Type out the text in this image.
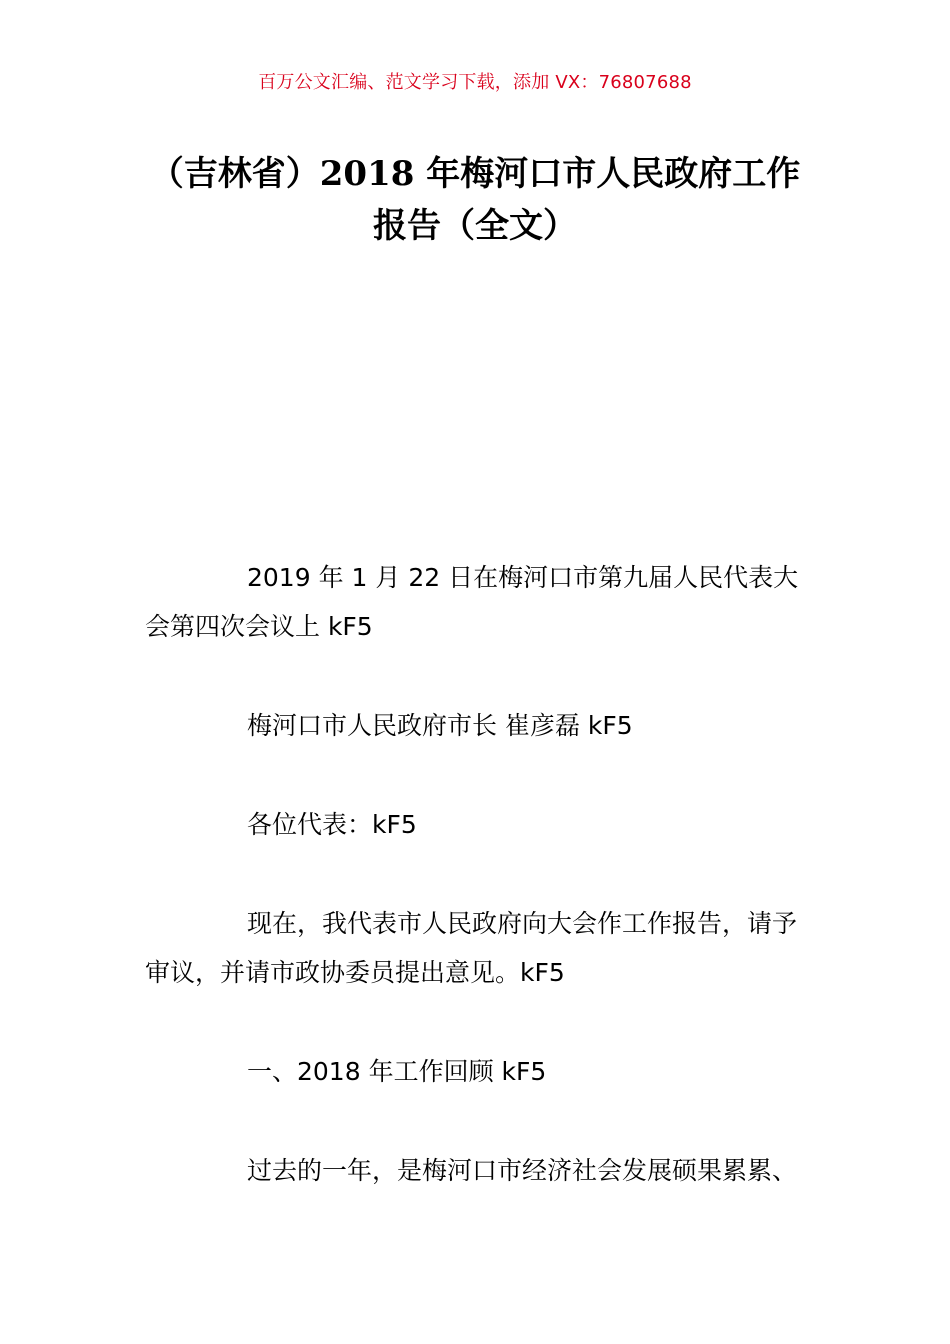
百万公文汇编、范文学习下载，添加 VX：76807688
（吉林省）2018 年梅河口市人民政府工作
报告（全文）

2019 年 1 月 22 日在梅河口市第九届人民代表大会第四次会议上 kF5

梅河口市人民政府市长 崔彦磊 kF5

各位代表：kF5

现在，我代表市人民政府向大会作工作报告，请予审议，并请市政协委员提出意见。kF5

一、2018 年工作回顾 kF5

过去的一年，是梅河口市经济社会发展硕果累累、
